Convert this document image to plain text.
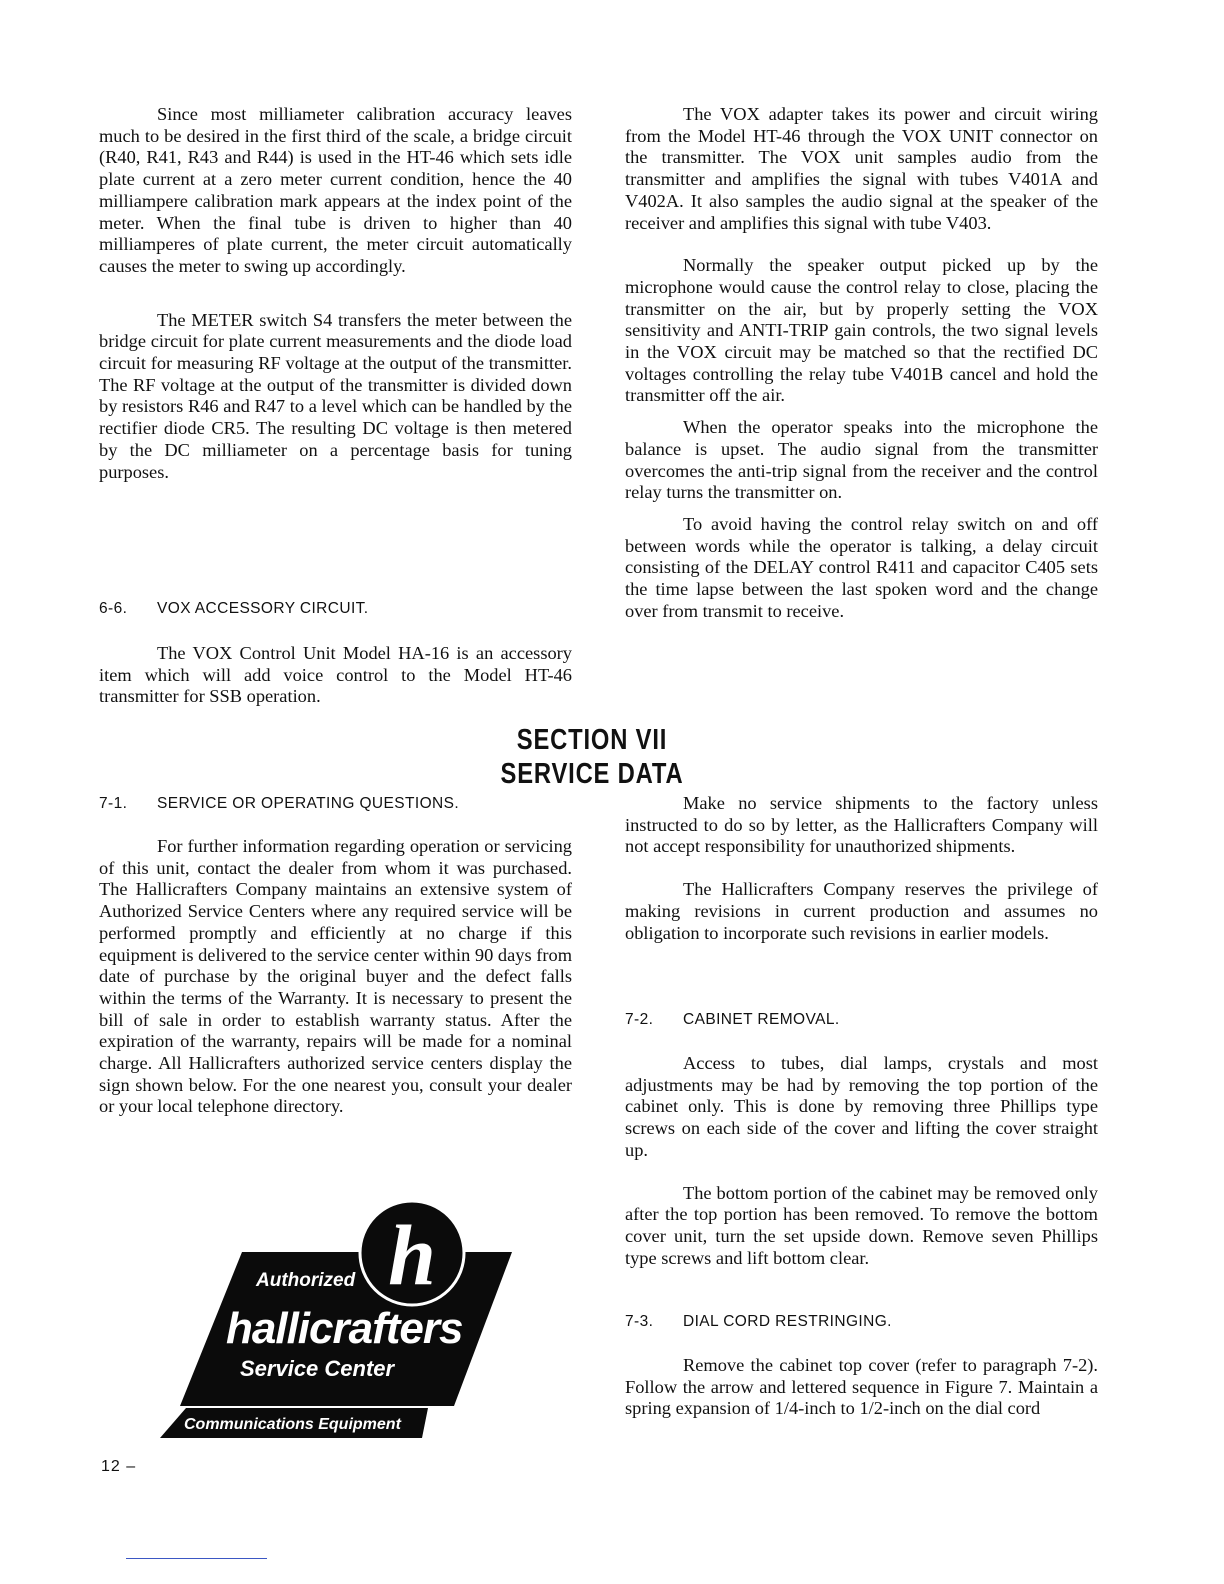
Since most milliameter calibration accuracy leaves much to be desired in the first third of the scale, a bridge circuit (R40, R41, R43 and R44) is used in the HT-46 which sets idle plate current at a zero meter current condition, hence the 40 milliampere calibration mark appears at the index point of the meter. When the final tube is driven to higher than 40 milliamperes of plate current, the meter circuit automatically causes the meter to swing up accordingly.

The METER switch S4 transfers the meter between the bridge circuit for plate current measurements and the diode load circuit for measuring RF voltage at the output of the transmitter. The RF voltage at the output of the transmitter is divided down by resistors R46 and R47 to a level which can be handled by the rectifier diode CR5. The resulting DC voltage is then metered by the DC milliameter on a percentage basis for tuning purposes.

6-6. VOX ACCESSORY CIRCUIT.

The VOX Control Unit Model HA-16 is an accessory item which will add voice control to the Model HT-46 transmitter for SSB operation.

The VOX adapter takes its power and circuit wiring from the Model HT-46 through the VOX UNIT connector on the transmitter. The VOX unit samples audio from the transmitter and amplifies the signal with tubes V401A and V402A. It also samples the audio signal at the speaker of the receiver and amplifies this signal with tube V403.

Normally the speaker output picked up by the microphone would cause the control relay to close, placing the transmitter on the air, but by properly setting the VOX sensitivity and ANTI-TRIP gain controls, the two signal levels in the VOX circuit may be matched so that the rectified DC voltages controlling the relay tube V401B cancel and hold the transmitter off the air.

When the operator speaks into the microphone the balance is upset. The audio signal from the transmitter overcomes the anti-trip signal from the receiver and the control relay turns the transmitter on.

To avoid having the control relay switch on and off between words while the operator is talking, a delay circuit consisting of the DELAY control R411 and capacitor C405 sets the time lapse between the last spoken word and the change over from transmit to receive.

SECTION VII
SERVICE DATA
7-1. SERVICE OR OPERATING QUESTIONS.

For further information regarding operation or servicing of this unit, contact the dealer from whom it was purchased. The Hallicrafters Company maintains an extensive system of Authorized Service Centers where any required service will be performed promptly and efficiently at no charge if this equipment is delivered to the service center within 90 days from date of purchase by the original buyer and the defect falls within the terms of the Warranty. It is necessary to present the bill of sale in order to establish warranty status. After the expiration of the warranty, repairs will be made for a nominal charge. All Hallicrafters authorized service centers display the sign shown below. For the one nearest you, consult your dealer or your local telephone directory.

Make no service shipments to the factory unless instructed to do so by letter, as the Hallicrafters Company will not accept responsibility for unauthorized shipments.

The Hallicrafters Company reserves the privilege of making revisions in current production and assumes no obligation to incorporate such revisions in earlier models.

7-2. CABINET REMOVAL.

Access to tubes, dial lamps, crystals and most adjustments may be had by removing the top portion of the cabinet only. This is done by removing three Phillips type screws on each side of the cover and lifting the cover straight up.

The bottom portion of the cabinet may be removed only after the top portion has been removed. To remove the bottom cover unit, turn the set upside down. Remove seven Phillips type screws and lift bottom clear.

7-3. DIAL CORD RESTRINGING.

Remove the cabinet top cover (refer to paragraph 7-2). Follow the arrow and lettered sequence in Figure 7. Maintain a spring expansion of 1/4-inch to 1/2-inch on the dial cord

h
Authorized
hallicrafters
Service Center
Communications Equipment
12 –
